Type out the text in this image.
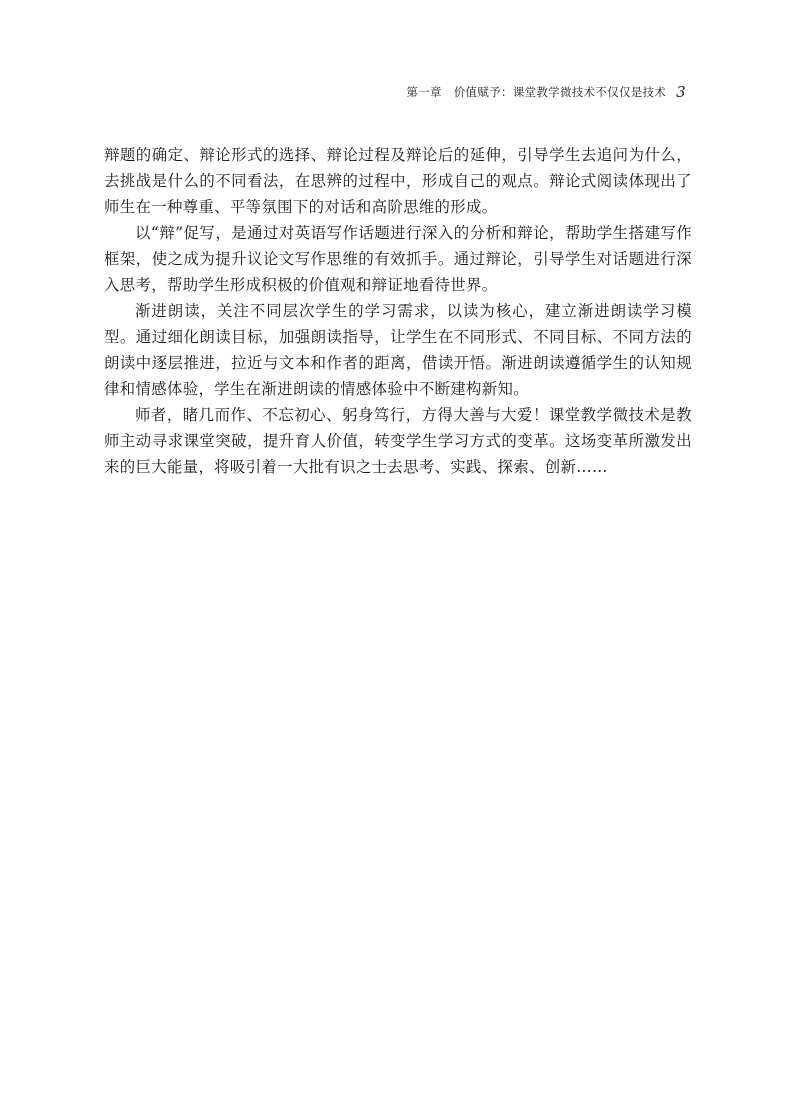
第一章 价值赋予：课堂教学微技术不仅仅是技术 3

辩题的确定、辩论形式的选择、辩论过程及辩论后的延伸，引导学生去追问为什么，去挑战是什么的不同看法，在思辨的过程中，形成自己的观点。辩论式阅读体现出了师生在一种尊重、平等氛围下的对话和高阶思维的形成。

以“辩”促写，是通过对英语写作话题进行深入的分析和辩论，帮助学生搭建写作框架，使之成为提升议论文写作思维的有效抓手。通过辩论，引导学生对话题进行深入思考，帮助学生形成积极的价值观和辩证地看待世界。

渐进朗读，关注不同层次学生的学习需求，以读为核心，建立渐进朗读学习模型。通过细化朗读目标，加强朗读指导，让学生在不同形式、不同目标、不同方法的朗读中逐层推进，拉近与文本和作者的距离，借读开悟。渐进朗读遵循学生的认知规律和情感体验，学生在渐进朗读的情感体验中不断建构新知。

师者，睹几而作、不忘初心、躬身笃行，方得大善与大爱！课堂教学微技术是教师主动寻求课堂突破，提升育人价值，转变学生学习方式的变革。这场变革所激发出来的巨大能量，将吸引着一大批有识之士去思考、实践、探索、创新……
